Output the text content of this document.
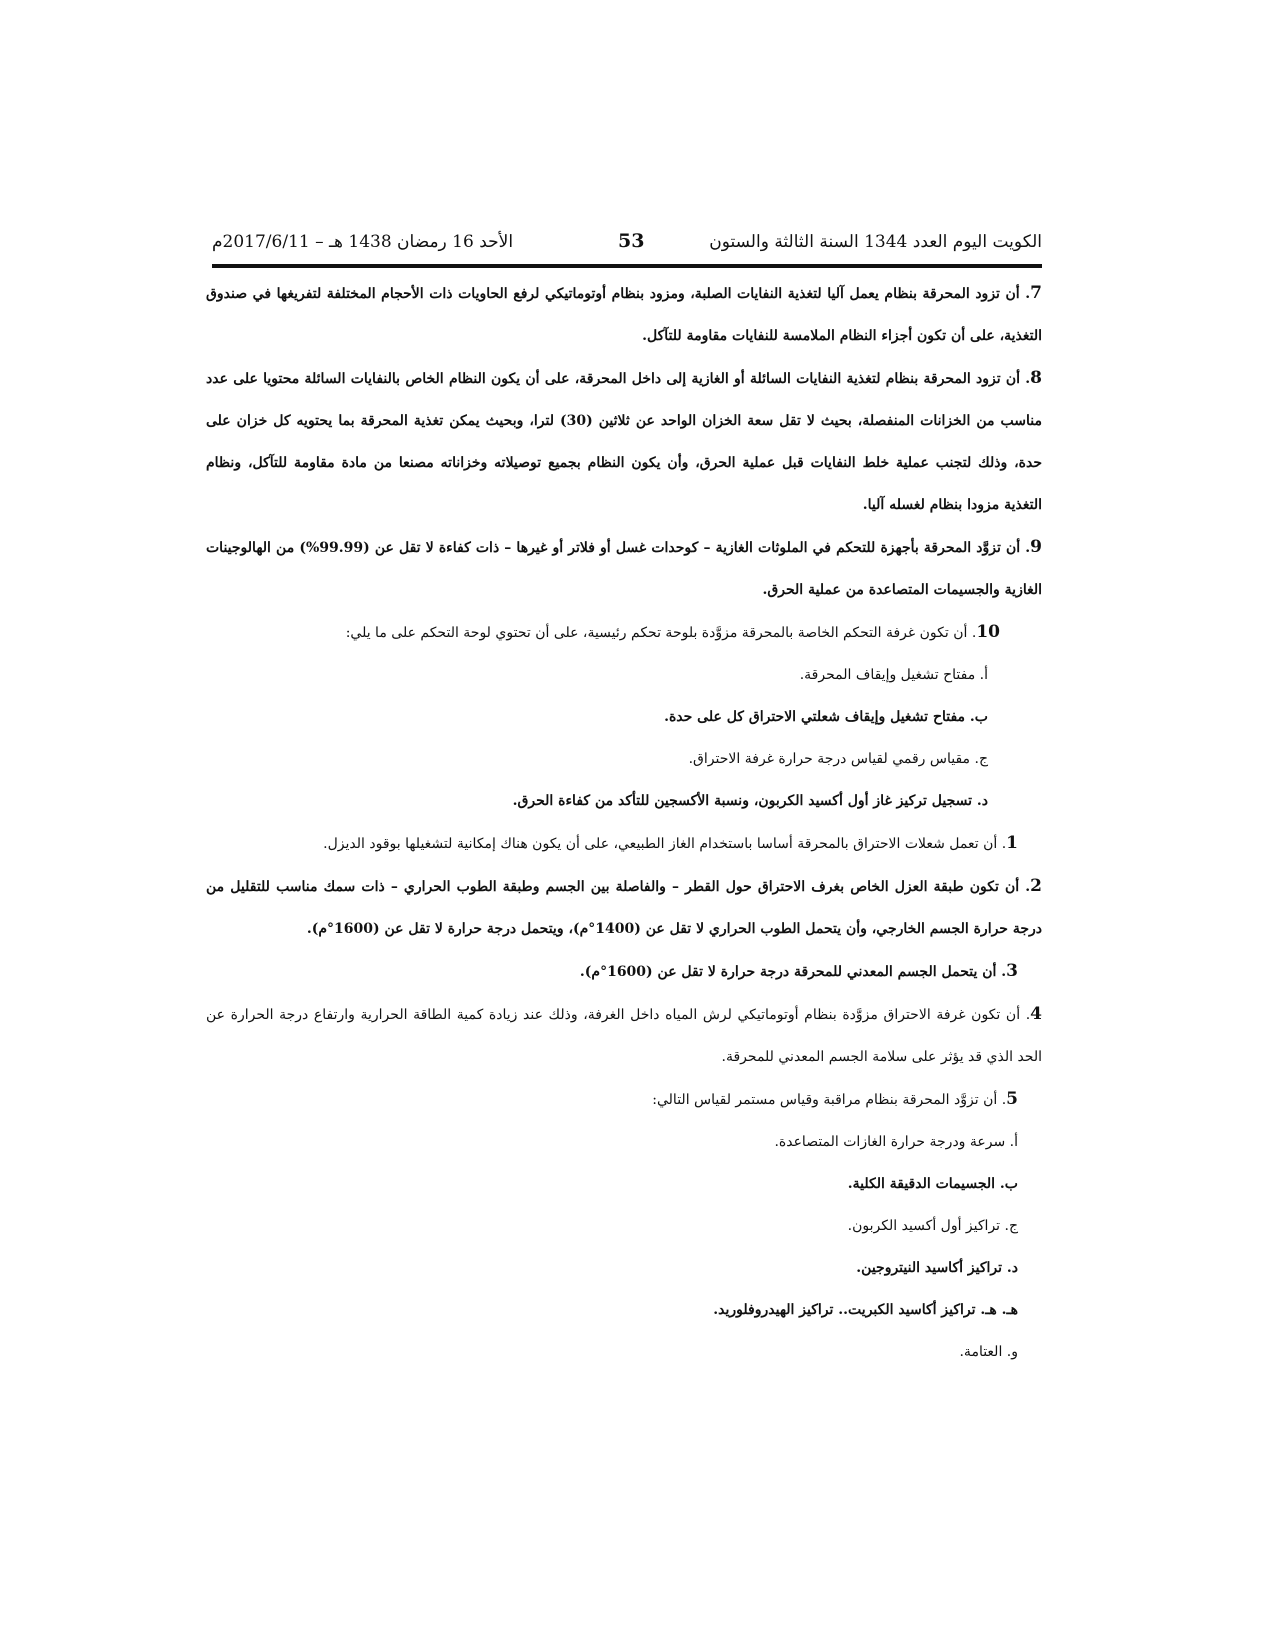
الكويت اليوم العدد 1344 السنة الثالثة والستون
53
الأحد 16 رمضان 1438 هـ – 2017/6/11م

7. أن تزود المحرقة بنظام يعمل آليا لتغذية النفايات الصلبة، ومزود بنظام أوتوماتيكي لرفع الحاويات ذات الأحجام المختلفة لتفريغها في صندوق التغذية، على أن تكون أجزاء النظام الملامسة للنفايات مقاومة للتآكل.

8. أن تزود المحرقة بنظام لتغذية النفايات السائلة أو الغازية إلى داخل المحرقة، على أن يكون النظام الخاص بالنفايات السائلة محتويا على عدد مناسب من الخزانات المنفصلة، بحيث لا تقل سعة الخزان الواحد عن ثلاثين (30) لترا، وبحيث يمكن تغذية المحرقة بما يحتويه كل خزان على حدة، وذلك لتجنب عملية خلط النفايات قبل عملية الحرق، وأن يكون النظام بجميع توصيلاته وخزاناته مصنعا من مادة مقاومة للتآكل، ونظام التغذية مزودا بنظام لغسله آليا.

9. أن تزوَّد المحرقة بأجهزة للتحكم في الملوثات الغازية – كوحدات غسل أو فلاتر أو غيرها – ذات كفاءة لا تقل عن (99.99%) من الهالوجينات الغازية والجسيمات المتصاعدة من عملية الحرق.

10. أن تكون غرفة التحكم الخاصة بالمحرقة مزوَّدة بلوحة تحكم رئيسية، على أن تحتوي لوحة التحكم على ما يلي:

أ. مفتاح تشغيل وإيقاف المحرقة.

ب. مفتاح تشغيل وإيقاف شعلتي الاحتراق كل على حدة.

ج. مقياس رقمي لقياس درجة حرارة غرفة الاحتراق.

د. تسجيل تركيز غاز أول أكسيد الكربون، ونسبة الأكسجين للتأكد من كفاءة الحرق.

1. أن تعمل شعلات الاحتراق بالمحرقة أساسا باستخدام الغاز الطبيعي، على أن يكون هناك إمكانية لتشغيلها بوقود الديزل.

2. أن تكون طبقة العزل الخاص بغرف الاحتراق حول القطر – والفاصلة بين الجسم وطبقة الطوب الحراري – ذات سمك مناسب للتقليل من درجة حرارة الجسم الخارجي، وأن يتحمل الطوب الحراري لا تقل عن (1400°م)، ويتحمل درجة حرارة لا تقل عن (1600°م).

3. أن يتحمل الجسم المعدني للمحرقة درجة حرارة لا تقل عن (1600°م).

4. أن تكون غرفة الاحتراق مزوَّدة بنظام أوتوماتيكي لرش المياه داخل الغرفة، وذلك عند زيادة كمية الطاقة الحرارية وارتفاع درجة الحرارة عن الحد الذي قد يؤثر على سلامة الجسم المعدني للمحرقة.

5. أن تزوَّد المحرقة بنظام مراقبة وقياس مستمر لقياس التالي:

أ. سرعة ودرجة حرارة الغازات المتصاعدة.

ب. الجسيمات الدقيقة الكلية.

ج. تراكيز أول أكسيد الكربون.

د. تراكيز أكاسيد النيتروجين.

هـ. هـ. تراكيز أكاسيد الكبريت.. تراكيز الهيدروفلوريد.

و. العتامة.
